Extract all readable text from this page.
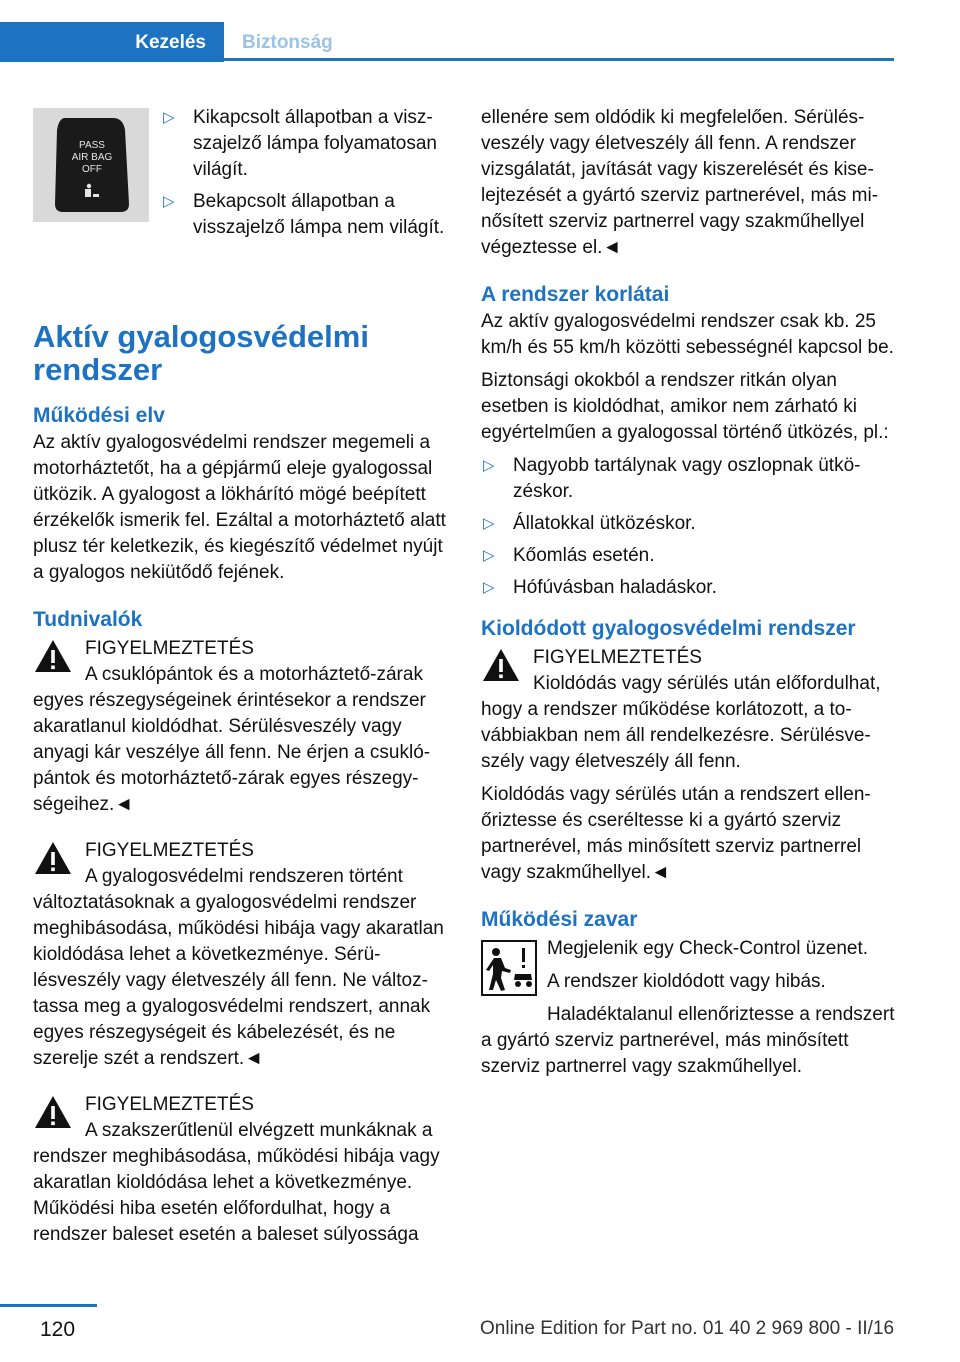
Kezelés	Biztonság
PASS
AIR BAG
OFF
▷ Kikapcsolt állapotban a viszszajelző lámpa folyamatosan világít.
▷ Bekapcsolt állapotban a visszajelző lámpa nem világít.
Aktív gyalogosvédelmi
rendszer
Működési elv

Az aktív gyalogosvédelmi rendszer megemeli a motorháztetőt, ha a gépjármű eleje gyalogossal ütközik. A gyalogost a lökhárító mögé beépített érzékelők ismerik fel. Ezáltal a motorháztető alatt plusz tér keletkezik, és kiegészítő védelmet nyújt a gyalogos nekiütődő fejének.

Tudnivalók
FIGYELMEZTETÉS
A csuklópántok és a motorháztető-zárak egyes részegységeinek érintésekor a rendszer akaratlanul kioldódhat. Sérülésveszély vagy anyagi kár veszélye áll fenn. Ne érjen a csuklópántok és motorháztető-zárak egyes részegységeihez.◄
FIGYELMEZTETÉS
A gyalogosvédelmi rendszeren történt változtatásoknak a gyalogosvédelmi rendszer meghibásodása, működési hibája vagy akaratlan kioldódása lehet a következménye. Sérülésveszély vagy életveszély áll fenn. Ne változtassa meg a gyalogosvédelmi rendszert, annak egyes részegységeit és kábelezését, és ne szerelje szét a rendszert.◄
FIGYELMEZTETÉS
A szakszerűtlenül elvégzett munkáknak a rendszer meghibásodása, működési hibája vagy akaratlan kioldódása lehet a következménye. Működési hiba esetén előfordulhat, hogy a rendszer baleset esetén a baleset súlyossága

ellenére sem oldódik ki megfelelően. Sérülésveszély vagy életveszély áll fenn. A rendszer vizsgálatát, javítását vagy kiszerelését és kiselejtezését a gyártó szerviz partnerével, más minősített szerviz partnerrel vagy szakműhellyel végeztesse el.◄

A rendszer korlátai

Az aktív gyalogosvédelmi rendszer csak kb. 25 km/h és 55 km/h közötti sebességnél kapcsol be.

Biztonsági okokból a rendszer ritkán olyan esetben is kioldódhat, amikor nem zárható ki egyértelműen a gyalogossal történő ütközés, pl.:

▷ Nagyobb tartálynak vagy oszlopnak ütközéskor.
▷ Állatokkal ütközéskor.
▷ Kőomlás esetén.
▷ Hófúvásban haladáskor.
Kioldódott gyalogosvédelmi rendszer
FIGYELMEZTETÉS
Kioldódás vagy sérülés után előfordulhat, hogy a rendszer működése korlátozott, a továbbiakban nem áll rendelkezésre. Sérülésveszély vagy életveszély áll fenn.

Kioldódás vagy sérülés után a rendszert ellenőriztesse és cseréltesse ki a gyártó szerviz partnerével, más minősített szerviz partnerrel vagy szakműhellyel.◄

Működési zavar

Megjelenik egy Check-Control üzenet.

A rendszer kioldódott vagy hibás.

Haladéktalanul ellenőriztesse a rendszert a gyártó szerviz partnerével, más minősített szerviz partnerrel vagy szakműhellyel.

120	Online Edition for Part no. 01 40 2 969 800 - II/16
